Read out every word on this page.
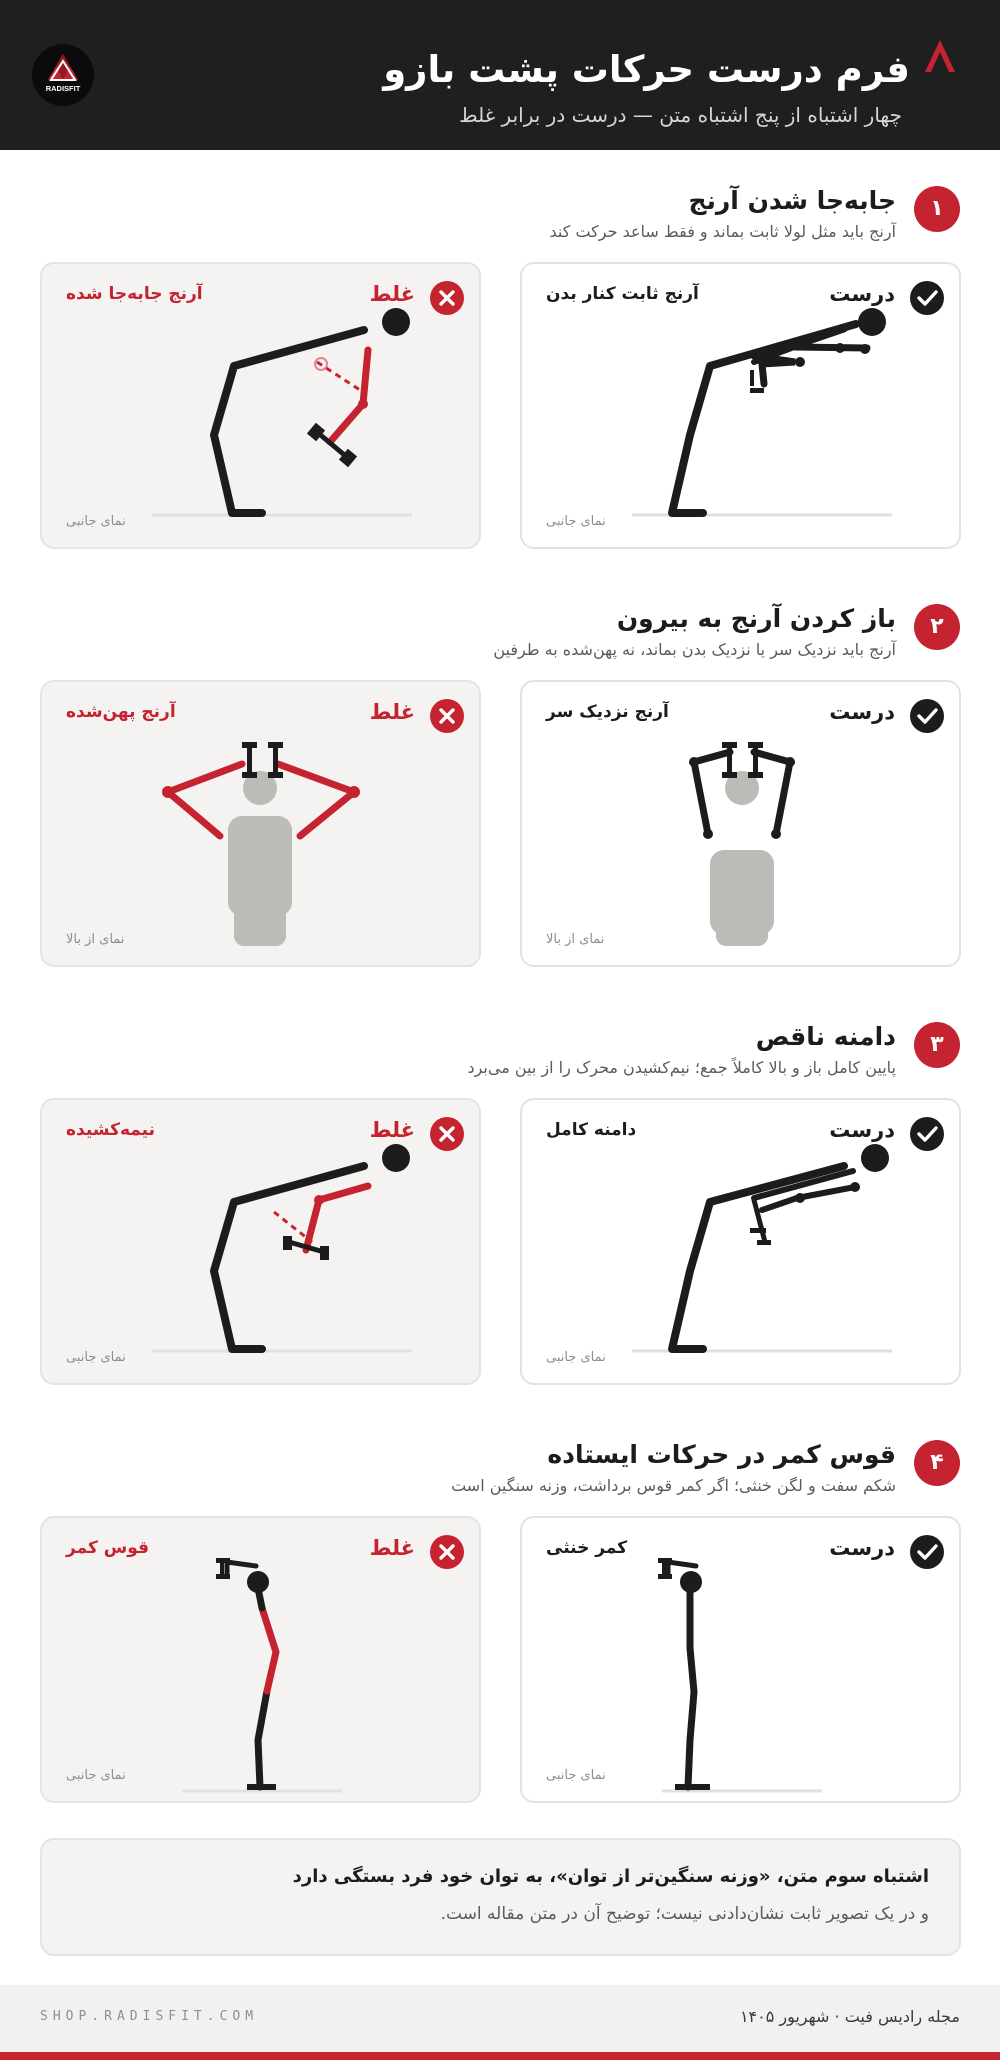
فرم درست حرکات پشت بازو
چهار اشتباه از پنج اشتباه متن — درست در برابر غلط
RADISFIT
۱
جابه‌جا شدن آرنج
آرنج باید مثل لولا ثابت بماند و فقط ساعد حرکت کند
درست
آرنج ثابت کنار بدن
نمای جانبی
غلط
آرنج جابه‌جا شده
نمای جانبی
۲
باز کردن آرنج به بیرون
آرنج باید نزدیک سر یا نزدیک بدن بماند، نه پهن‌شده به طرفین
درست
آرنج نزدیک سر
نمای از بالا
غلط
آرنج پهن‌شده
نمای از بالا
۳
دامنه ناقص
پایین کامل باز و بالا کاملاً جمع؛ نیم‌کشیدن محرک را از بین می‌برد
درست
دامنه کامل
نمای جانبی
غلط
نیمه‌کشیده
نمای جانبی
۴
قوس کمر در حرکات ایستاده
شکم سفت و لگن خنثی؛ اگر کمر قوس برداشت، وزنه سنگین است
درست
کمر خنثی
نمای جانبی
غلط
قوس کمر
نمای جانبی
اشتباه سوم متن، «وزنه سنگین‌تر از توان»، به توان خود فرد بستگی دارد
و در یک تصویر ثابت نشان‌دادنی نیست؛ توضیح آن در متن مقاله است.
مجله رادیس فیت · شهریور ۱۴۰۵
SHOP.RADISFIT.COM
